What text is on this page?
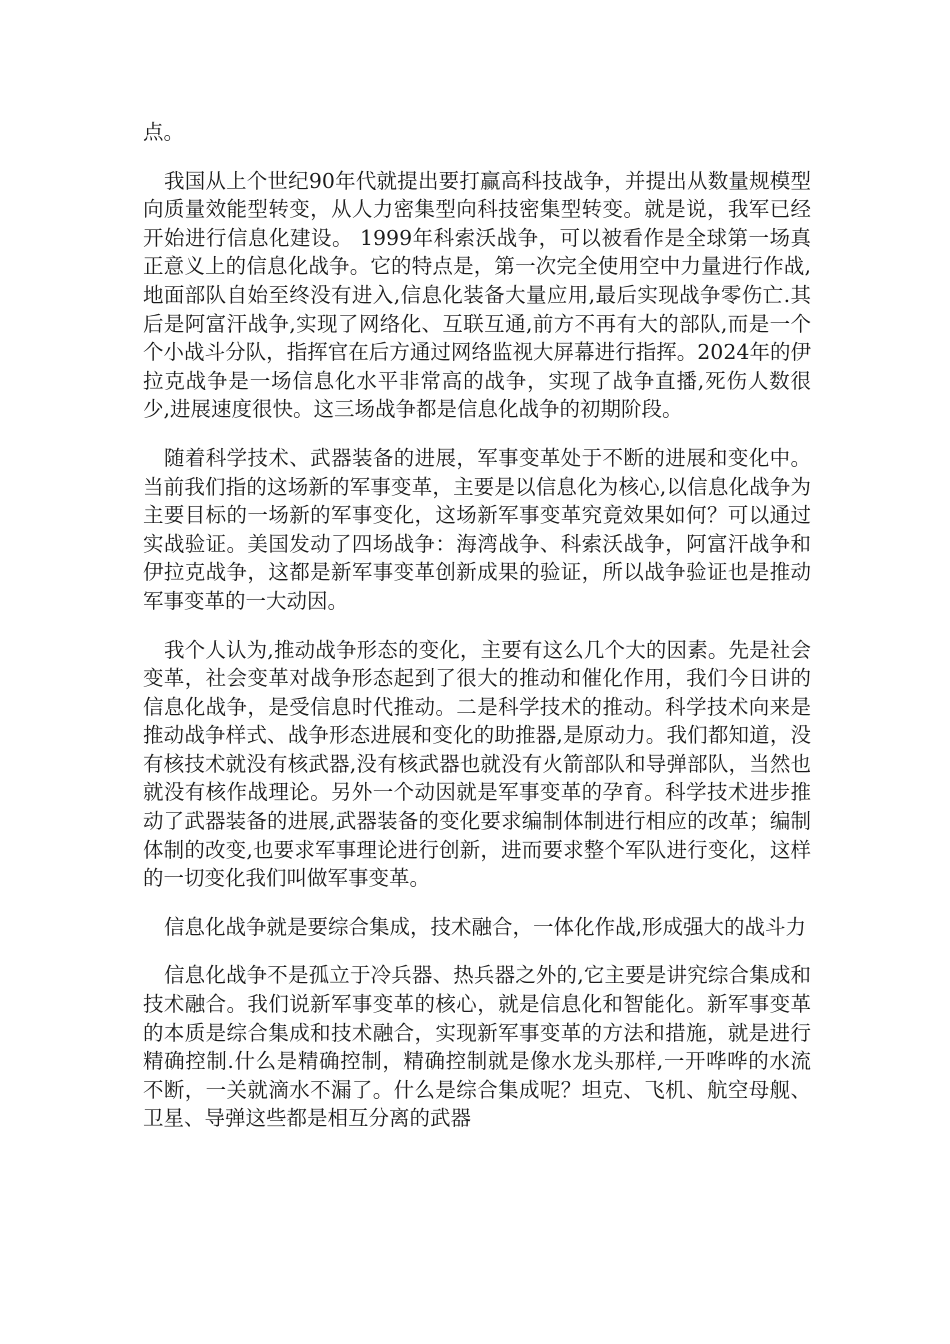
点。

我国从上个世纪90年代就提出要打赢高科技战争，并提出从数量规模型向质量效能型转变，从人力密集型向科技密集型转变。就是说，我军已经开始进行信息化建设。 1999年科索沃战争，可以被看作是全球第一场真正意义上的信息化战争。它的特点是，第一次完全使用空中力量进行作战,地面部队自始至终没有进入,信息化装备大量应用,最后实现战争零伤亡.其后是阿富汗战争,实现了网络化、互联互通,前方不再有大的部队,而是一个个小战斗分队，指挥官在后方通过网络监视大屏幕进行指挥。2024年的伊拉克战争是一场信息化水平非常高的战争，实现了战争直播,死伤人数很少,进展速度很快。这三场战争都是信息化战争的初期阶段。

随着科学技术、武器装备的进展，军事变革处于不断的进展和变化中。当前我们指的这场新的军事变革，主要是以信息化为核心,以信息化战争为主要目标的一场新的军事变化，这场新军事变革究竟效果如何？可以通过实战验证。美国发动了四场战争：海湾战争、科索沃战争，阿富汗战争和伊拉克战争，这都是新军事变革创新成果的验证，所以战争验证也是推动军事变革的一大动因。

我个人认为,推动战争形态的变化，主要有这么几个大的因素。先是社会变革，社会变革对战争形态起到了很大的推动和催化作用，我们今日讲的信息化战争，是受信息时代推动。二是科学技术的推动。科学技术向来是推动战争样式、战争形态进展和变化的助推器,是原动力。我们都知道，没有核技术就没有核武器,没有核武器也就没有火箭部队和导弹部队，当然也就没有核作战理论。另外一个动因就是军事变革的孕育。科学技术进步推动了武器装备的进展,武器装备的变化要求编制体制进行相应的改革；编制体制的改变,也要求军事理论进行创新，进而要求整个军队进行变化，这样的一切变化我们叫做军事变革。

信息化战争就是要综合集成，技术融合，一体化作战,形成强大的战斗力

信息化战争不是孤立于冷兵器、热兵器之外的,它主要是讲究综合集成和技术融合。我们说新军事变革的核心，就是信息化和智能化。新军事变革的本质是综合集成和技术融合，实现新军事变革的方法和措施，就是进行精确控制.什么是精确控制，精确控制就是像水龙头那样,一开哗哗的水流不断，一关就滴水不漏了。什么是综合集成呢？坦克、飞机、航空母舰、卫星、导弹这些都是相互分离的武器
